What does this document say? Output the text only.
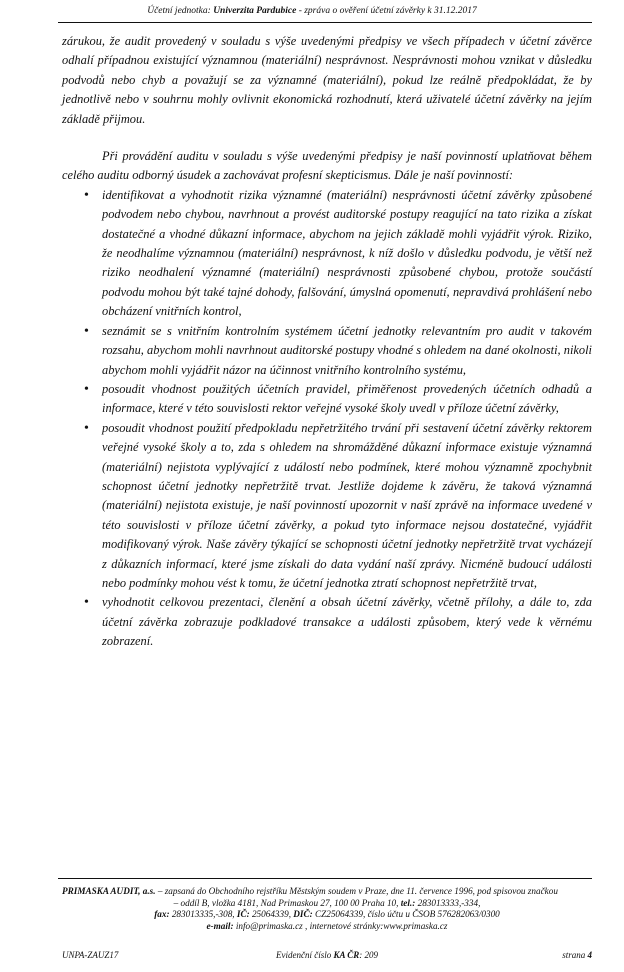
Účetní jednotka: Univerzita Pardubice - zpráva o ověření účetní závěrky k 31.12.2017

zárukou, že audit provedený v souladu s výše uvedenými předpisy ve všech případech v účetní závěrce odhalí případnou existující významnou (materiální) nesprávnost. Nesprávnosti mohou vznikat v důsledku podvodů nebo chyb a považují se za významné (materiální), pokud lze reálně předpokládat, že by jednotlivě nebo v souhrnu mohly ovlivnit ekonomická rozhodnutí, která uživatelé účetní závěrky na jejím základě přijmou.

Při provádění auditu v souladu s výše uvedenými předpisy je naší povinností uplatňovat během celého auditu odborný úsudek a zachovávat profesní skepticismus. Dále je naší povinností:

• identifikovat a vyhodnotit rizika významné (materiální) nesprávnosti účetní závěrky způsobené podvodem nebo chybou, navrhnout a provést auditorské postupy reagující na tato rizika a získat dostatečné a vhodné důkazní informace, abychom na jejich základě mohli vyjádřit výrok. Riziko, že neodhalíme významnou (materiální) nesprávnost, k níž došlo v důsledku podvodu, je větší než riziko neodhalení významné (materiální) nesprávnosti způsobené chybou, protože součástí podvodu mohou být také tajné dohody, falšování, úmyslná opomenutí, nepravdivá prohlášení nebo obcházení vnitřních kontrol,
• seznámit se s vnitřním kontrolním systémem účetní jednotky relevantním pro audit v takovém rozsahu, abychom mohli navrhnout auditorské postupy vhodné s ohledem na dané okolnosti, nikoli abychom mohli vyjádřit názor na účinnost vnitřního kontrolního systému,
• posoudit vhodnost použitých účetních pravidel, přiměřenost provedených účetních odhadů a informace, které v této souvislosti rektor veřejné vysoké školy uvedl v příloze účetní závěrky,
• posoudit vhodnost použití předpokladu nepřetržitého trvání při sestavení účetní závěrky rektorem veřejné vysoké školy a to, zda s ohledem na shromážděné důkazní informace existuje významná (materiální) nejistota vyplývající z událostí nebo podmínek, které mohou významně zpochybnit schopnost účetní jednotky nepřetržitě trvat. Jestliže dojdeme k závěru, že taková významná (materiální) nejistota existuje, je naší povinností upozornit v naší zprávě na informace uvedené v této souvislosti v příloze účetní závěrky, a pokud tyto informace nejsou dostatečné, vyjádřit modifikovaný výrok. Naše závěry týkající se schopnosti účetní jednotky nepřetržitě trvat vycházejí z důkazních informací, které jsme získali do data vydání naší zprávy. Nicméně budoucí události nebo podmínky mohou vést k tomu, že účetní jednotka ztratí schopnost nepřetržitě trvat,
• vyhodnotit celkovou prezentaci, členění a obsah účetní závěrky, včetně přílohy, a dále to, zda účetní závěrka zobrazuje podkladové transakce a události způsobem, který vede k věrnému zobrazení.
PRIMASKA AUDIT, a.s. – zapsaná do Obchodního rejstříku Městským soudem v Praze, dne 11. července 1996, pod spisovou značkou
– oddíl B, vložka 4181, Nad Primaskou 27, 100 00 Praha 10, tel.: 283013333,-334,
fax: 283013335,-308, IČ: 25064339, DIČ: CZ25064339, číslo účtu u ČSOB 576282063/0300
e-mail: info@primaska.cz , internetové stránky:www.primaska.cz
UNPA-ZAUZ17	Evidenční číslo KA ČR: 209	strana 4
